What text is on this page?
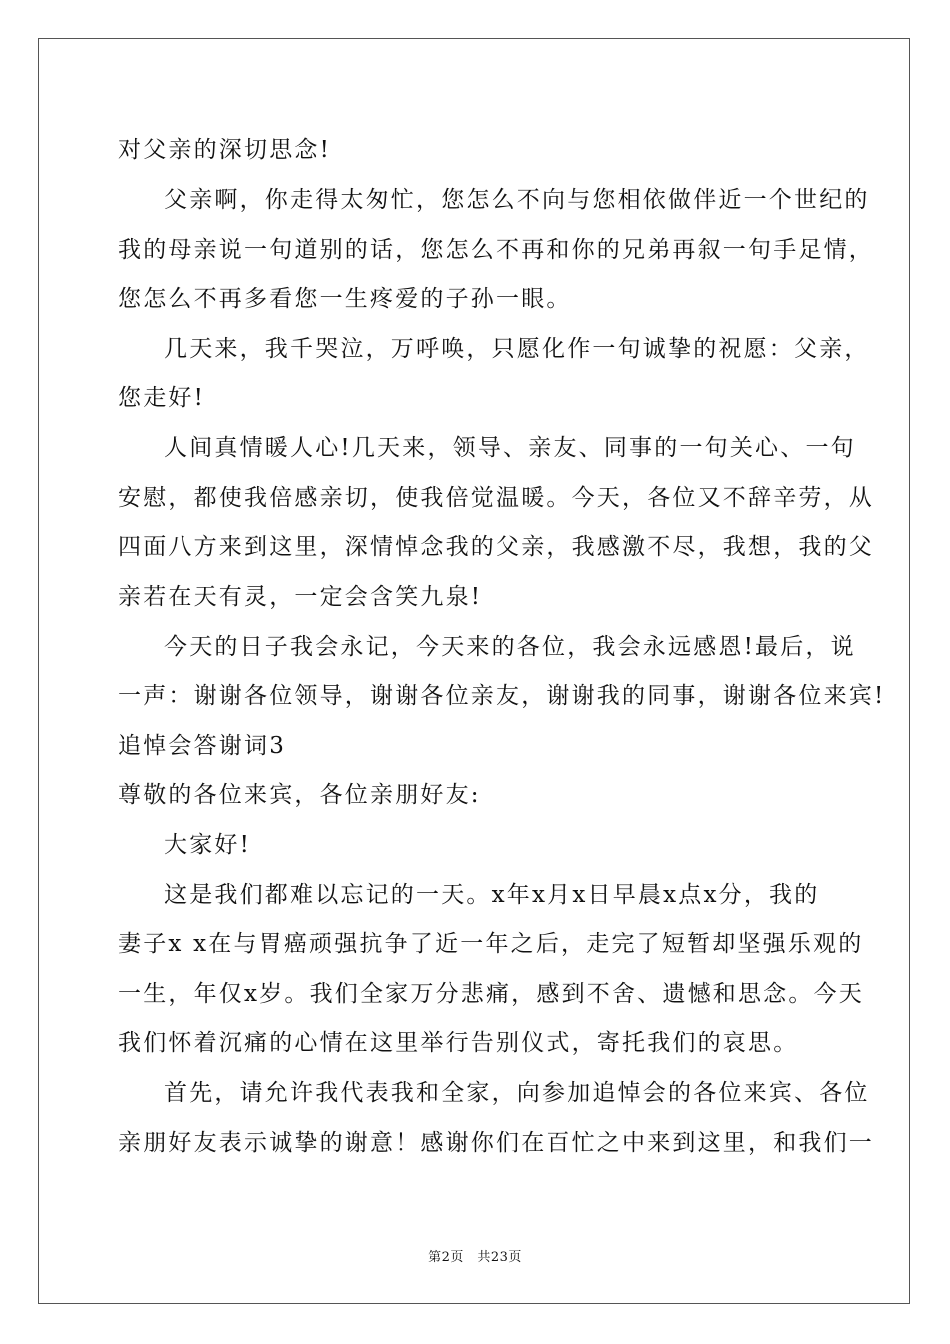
对父亲的深切思念!
父亲啊，你走得太匆忙，您怎么不向与您相依做伴近一个世纪的
我的母亲说一句道别的话，您怎么不再和你的兄弟再叙一句手足情，
您怎么不再多看您一生疼爱的子孙一眼。
几天来，我千哭泣，万呼唤，只愿化作一句诚挚的祝愿：父亲，
您走好!
人间真情暖人心!几天来，领导、亲友、同事的一句关心、一句
安慰，都使我倍感亲切，使我倍觉温暖。今天，各位又不辞辛劳，从
四面八方来到这里，深情悼念我的父亲，我感激不尽，我想，我的父
亲若在天有灵，一定会含笑九泉!
今天的日子我会永记，今天来的各位，我会永远感恩!最后，说
一声：谢谢各位领导，谢谢各位亲友，谢谢我的同事，谢谢各位来宾!
追悼会答谢词3
尊敬的各位来宾，各位亲朋好友:
大家好!
这是我们都难以忘记的一天。x年x月x日早晨x点x分，我的
妻子x x在与胃癌顽强抗争了近一年之后，走完了短暂却坚强乐观的
一生，年仅x岁。我们全家万分悲痛，感到不舍、遗憾和思念。今天
我们怀着沉痛的心情在这里举行告别仪式，寄托我们的哀思。
首先，请允许我代表我和全家，向参加追悼会的各位来宾、各位
亲朋好友表示诚挚的谢意！感谢你们在百忙之中来到这里，和我们一
第2页　共23页
